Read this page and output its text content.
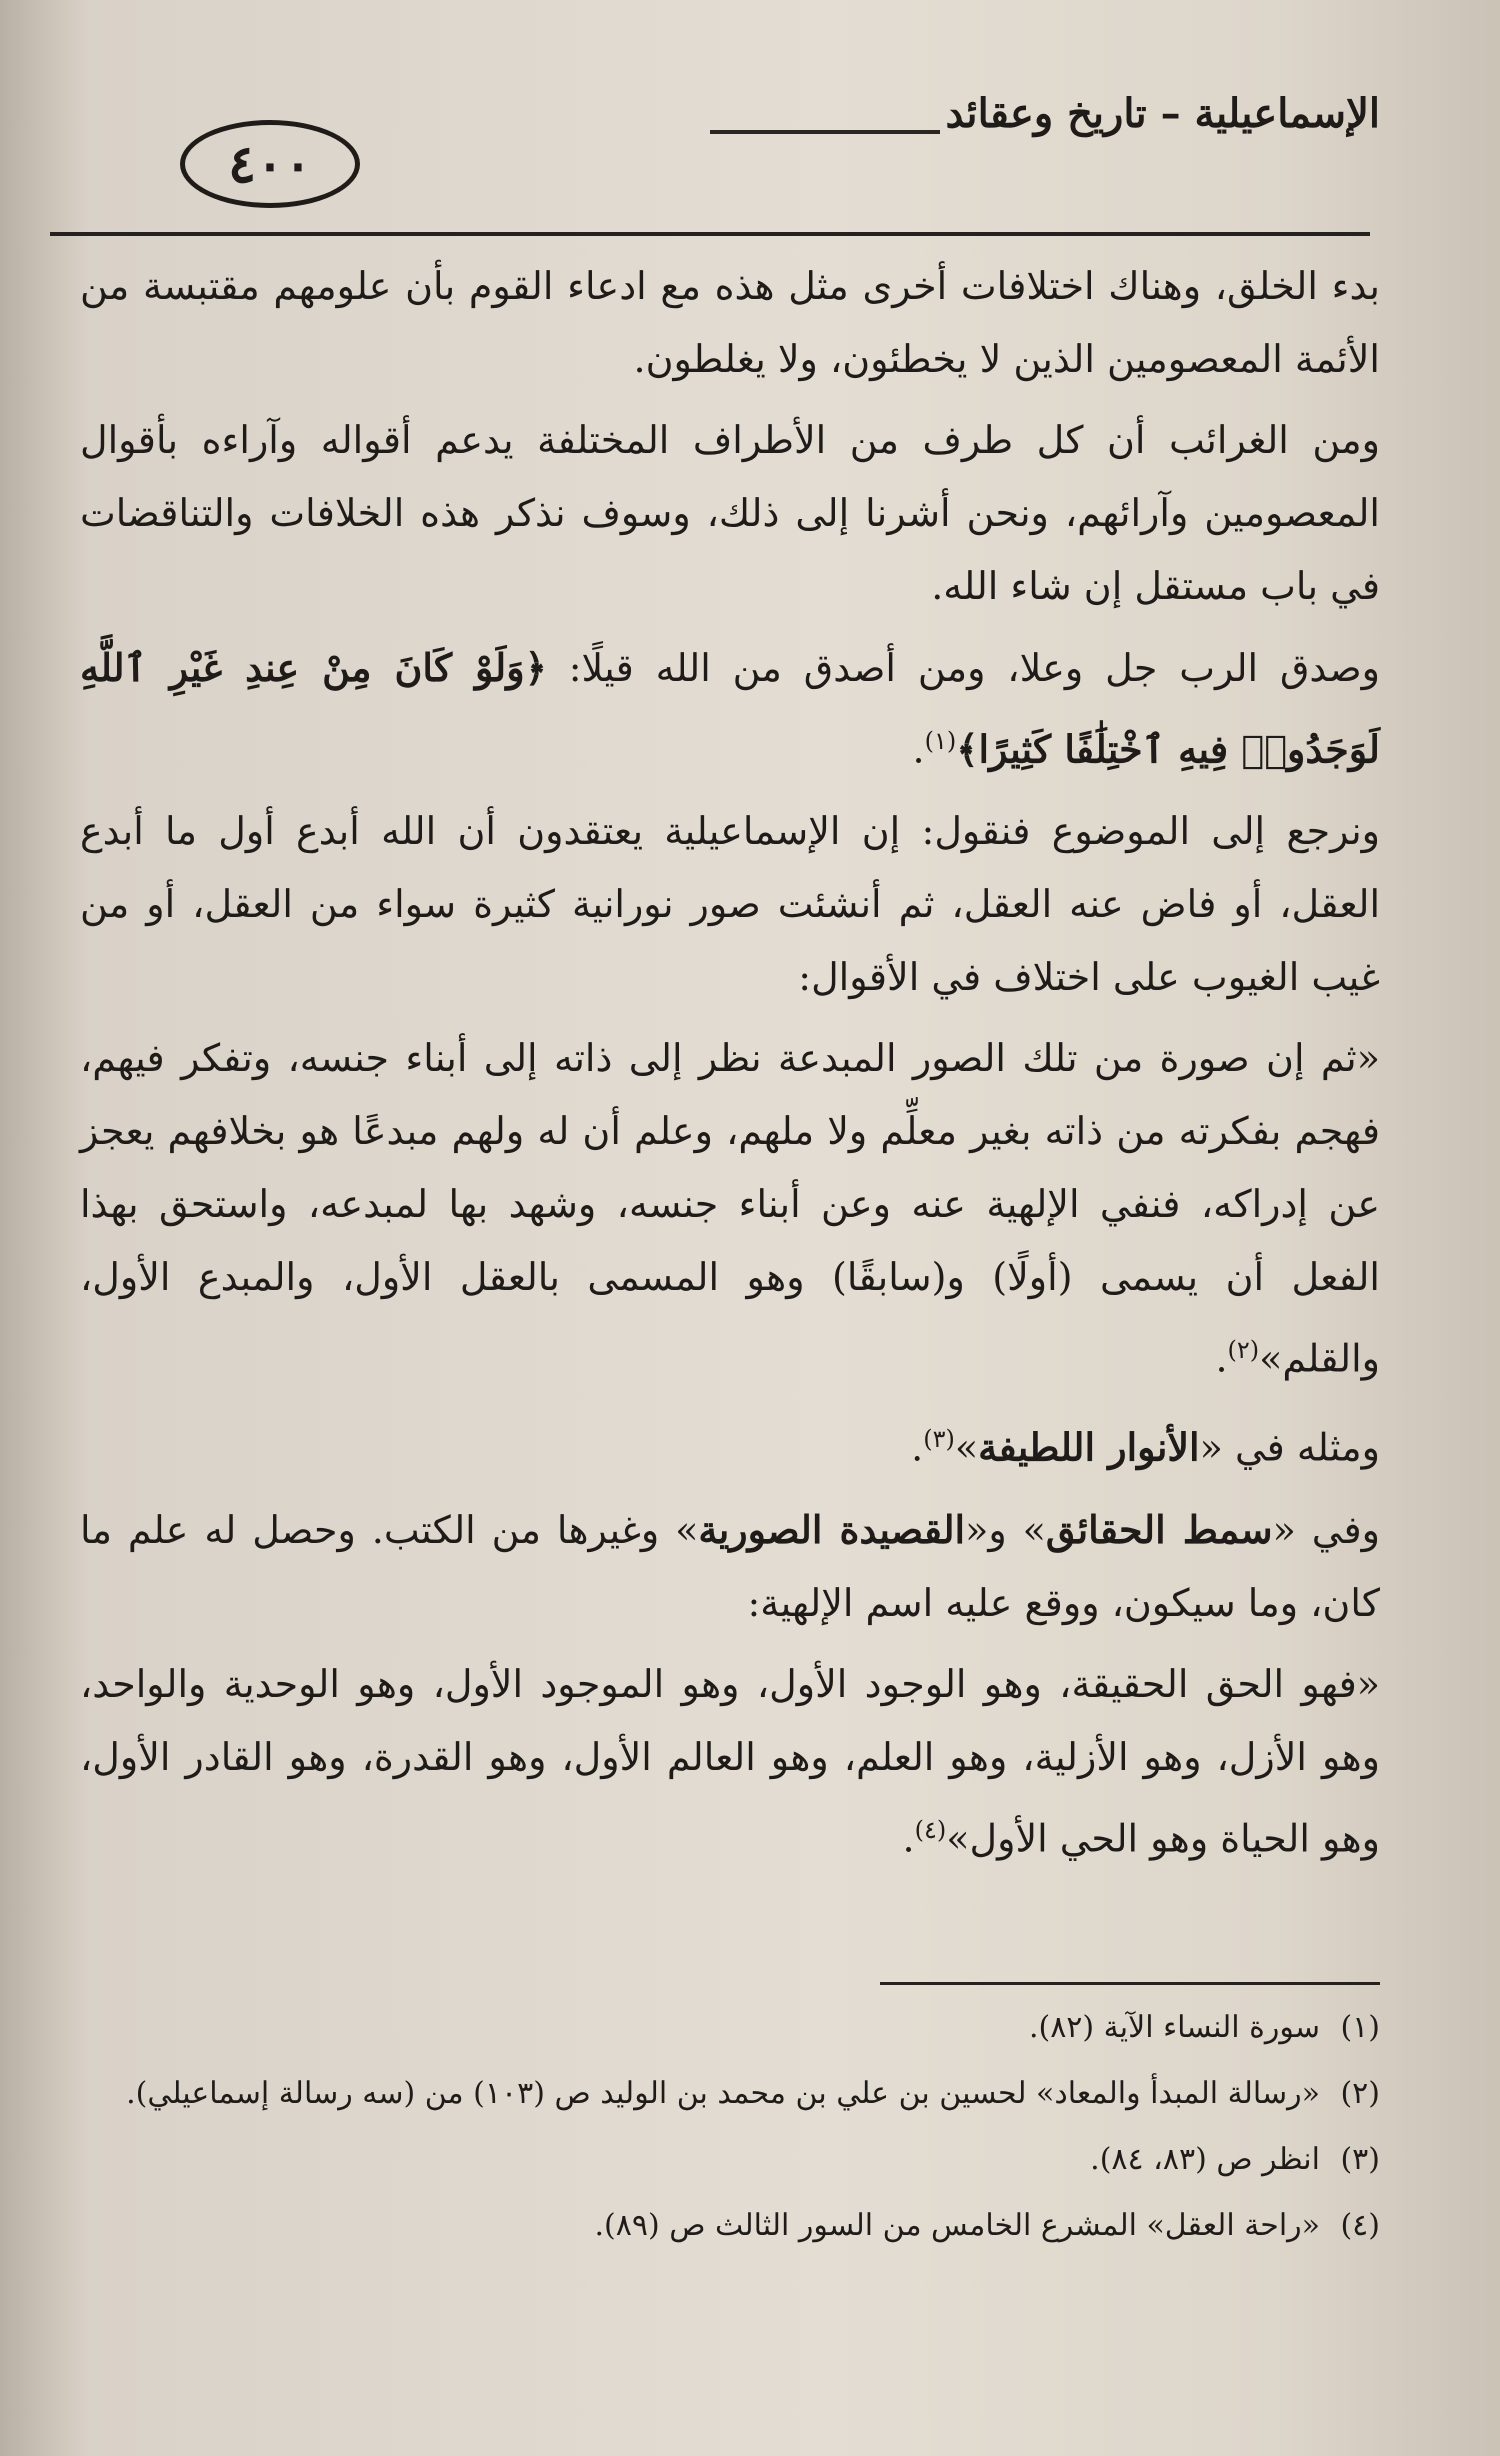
الإسماعيلية – تاريخ وعقائد
٤٠٠

بدء الخلق، وهناك اختلافات أخرى مثل هذه مع ادعاء القوم بأن علومهم مقتبسة من الأئمة المعصومين الذين لا يخطئون، ولا يغلطون.

ومن الغرائب أن كل طرف من الأطراف المختلفة يدعم أقواله وآراءه بأقوال المعصومين وآرائهم، ونحن أشرنا إلى ذلك، وسوف نذكر هذه الخلافات والتناقضات في باب مستقل إن شاء الله.

وصدق الرب جل وعلا، ومن أصدق من الله قيلًا: ﴿وَلَوْ كَانَ مِنْ عِندِ غَيْرِ ٱللَّهِ لَوَجَدُوا۟ فِيهِ ٱخْتِلَٰفًا كَثِيرًا﴾$^{(١)}$.

ونرجع إلى الموضوع فنقول: إن الإسماعيلية يعتقدون أن الله أبدع أول ما أبدع العقل، أو فاض عنه العقل، ثم أنشئت صور نورانية كثيرة سواء من العقل، أو من غيب الغيوب على اختلاف في الأقوال:

«ثم إن صورة من تلك الصور المبدعة نظر إلى ذاته إلى أبناء جنسه، وتفكر فيهم، فهجم بفكرته من ذاته بغير معلِّم ولا ملهم، وعلم أن له ولهم مبدعًا هو بخلافهم يعجز عن إدراكه، فنفي الإلهية عنه وعن أبناء جنسه، وشهد بها لمبدعه، واستحق بهذا الفعل أن يسمى (أولًا) و(سابقًا) وهو المسمى بالعقل الأول، والمبدع الأول، والقلم»$^{(٢)}$.

ومثله في «الأنوار اللطيفة»$^{(٣)}$.

وفي «سمط الحقائق» و«القصيدة الصورية» وغيرها من الكتب. وحصل له علم ما كان، وما سيكون، ووقع عليه اسم الإلهية:

«فهو الحق الحقيقة، وهو الوجود الأول، وهو الموجود الأول، وهو الوحدية والواحد، وهو الأزل، وهو الأزلية، وهو العلم، وهو العالم الأول، وهو القدرة، وهو القادر الأول، وهو الحياة وهو الحي الأول»$^{(٤)}$.

(١)
سورة النساء الآية (٨٢).
(٢)
«رسالة المبدأ والمعاد» لحسين بن علي بن محمد بن الوليد ص (١٠٣) من (سه رسالة إسماعيلي).
(٣)
انظر ص (٨٣، ٨٤).
(٤)
«راحة العقل» المشرع الخامس من السور الثالث ص (٨٩).
